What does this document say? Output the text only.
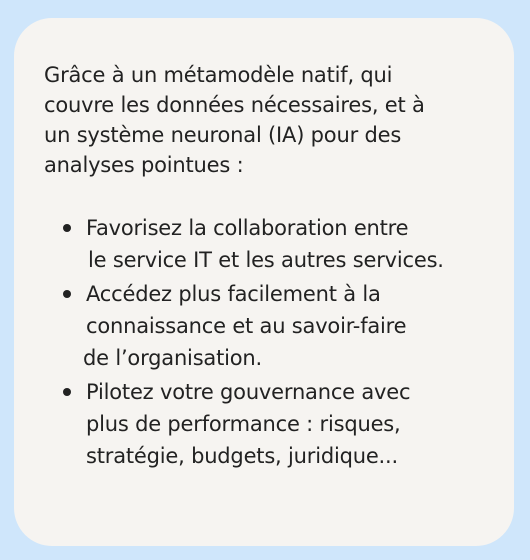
Grâce à un métamodèle natif, qui
couvre les données nécessaires, et à
un système neuronal (IA) pour des
analyses pointues :

Favorisez la collaboration entre
le service IT et les autres services.
Accédez plus facilement à la
connaissance et au savoir-faire
de l’organisation.
Pilotez votre gouvernance avec
plus de performance : risques,
stratégie, budgets, juridique...
